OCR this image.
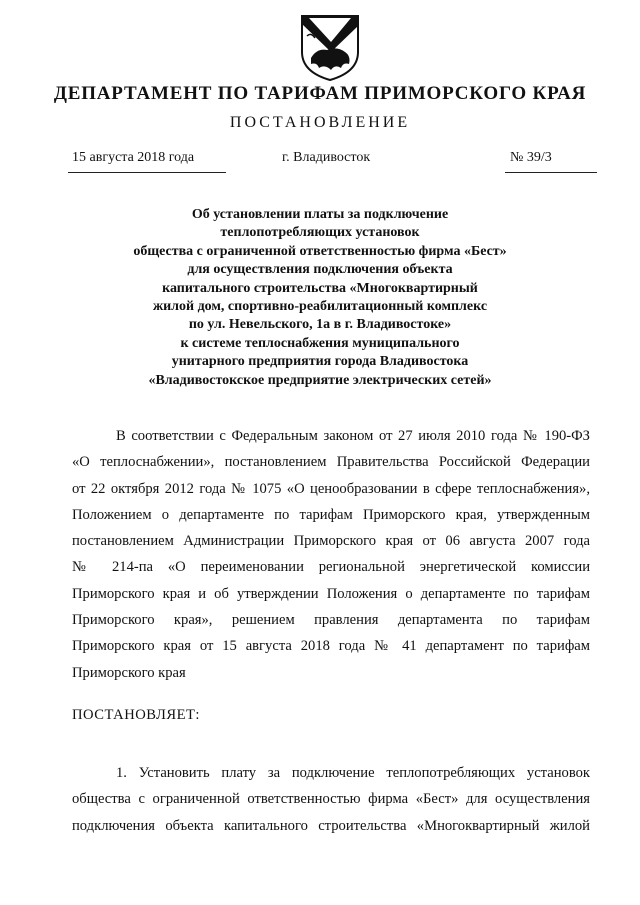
ДЕПАРТАМЕНТ ПО ТАРИФАМ ПРИМОРСКОГО КРАЯ
ПОСТАНОВЛЕНИЕ
15 августа 2018 года	г. Владивосток	№ 39/3
Об установлении платы за подключение
теплопотребляющих установок
общества с ограниченной ответственностью фирма «Бест»
для осуществления подключения объекта
капитального строительства «Многоквартирный
жилой дом, спортивно-реабилитационный комплекс
по ул. Невельского, 1а в г. Владивостоке»
к системе теплоснабжения муниципального
унитарного предприятия города Владивостока
«Владивостокское предприятие электрических сетей»
В соответствии с Федеральным законом от 27 июля 2010 года № 190-ФЗ
«О теплоснабжении», постановлением Правительства Российской Федерации
от 22 октября 2012 года № 1075 «О ценообразовании в сфере теплоснабжения»,
Положением о департаменте по тарифам Приморского края, утвержденным
постановлением Администрации Приморского края от 06 августа 2007 года
№ 214-па «О переименовании региональной энергетической комиссии
Приморского края и об утверждении Положения о департаменте по тарифам
Приморского края», решением правления департамента по тарифам
Приморского края от 15 августа 2018 года № 41 департамент по тарифам
Приморского края
ПОСТАНОВЛЯЕТ:
1. Установить плату за подключение теплопотребляющих установок
общества с ограниченной ответственностью фирма «Бест» для осуществления
подключения объекта капитального строительства «Многоквартирный жилой
